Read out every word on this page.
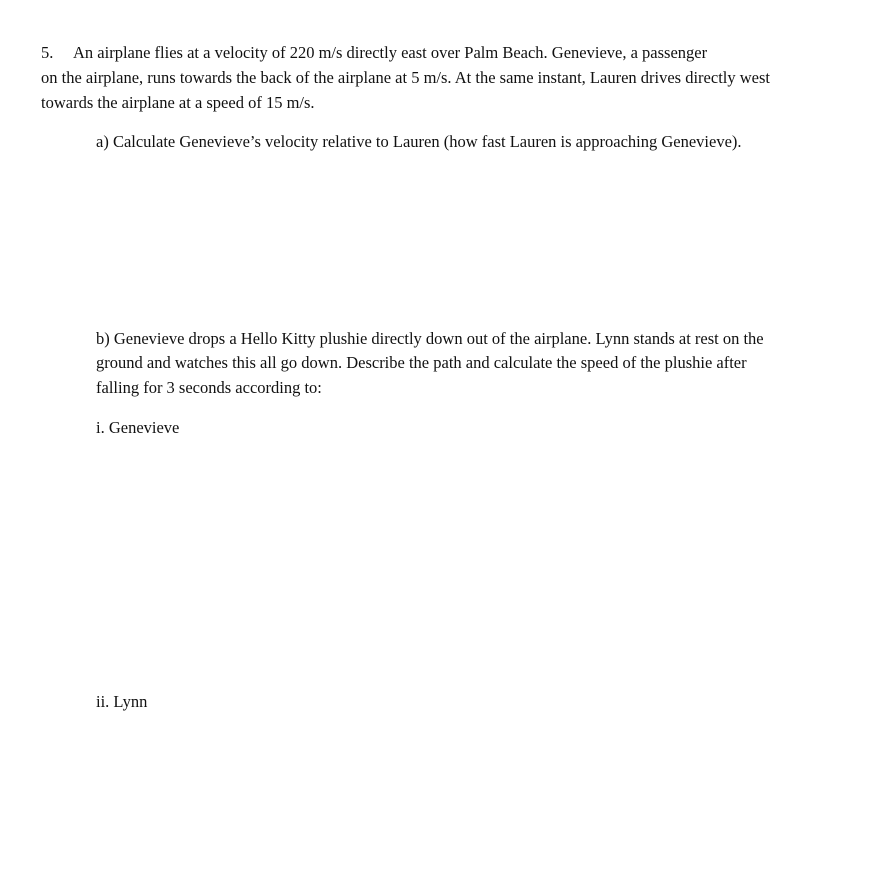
5. An airplane flies at a velocity of 220 m/s directly east over Palm Beach. Genevieve, a passenger
on the airplane, runs towards the back of the airplane at 5 m/s. At the same instant, Lauren drives directly west
towards the airplane at a speed of 15 m/s.
a) Calculate Genevieve’s velocity relative to Lauren (how fast Lauren is approaching Genevieve).
b) Genevieve drops a Hello Kitty plushie directly down out of the airplane. Lynn stands at rest on the
ground and watches this all go down. Describe the path and calculate the speed of the plushie after
falling for 3 seconds according to:
i. Genevieve
ii. Lynn
